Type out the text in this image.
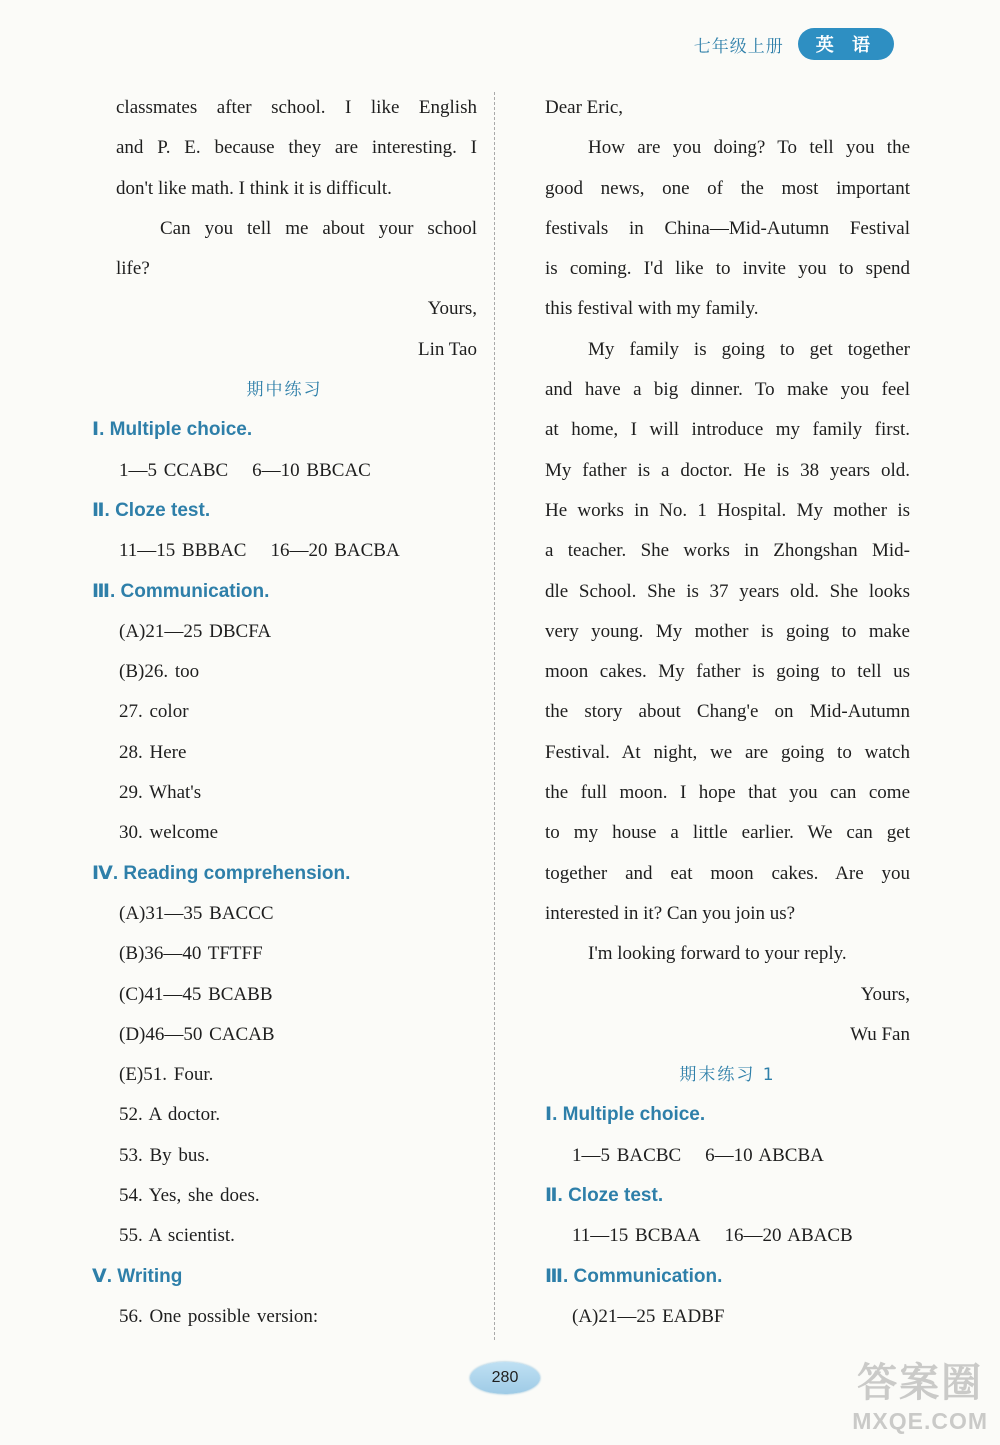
七年级上册	英 语
classmates after school. I like English
and P. E. because they are interesting. I
don't like math. I think it is difficult.
Can you tell me about your school
life?
Yours,
Lin Tao
期中练习
Ⅰ. Multiple choice.
1—5 CCABC 6—10 BBCAC
Ⅱ. Cloze test.
11—15 BBBAC 16—20 BACBA
Ⅲ. Communication.
(A)21—25 DBCFA
(B)26. too
27. color
28. Here
29. What's
30. welcome
Ⅳ. Reading comprehension.
(A)31—35 BACCC
(B)36—40 TFTFF
(C)41—45 BCABB
(D)46—50 CACAB
(E)51. Four.
52. A doctor.
53. By bus.
54. Yes, she does.
55. A scientist.
Ⅴ. Writing
56. One possible version:
Dear Eric,
How are you doing? To tell you the
good news, one of the most important
festivals in China—Mid-Autumn Festival
is coming. I'd like to invite you to spend
this festival with my family.
My family is going to get together
and have a big dinner. To make you feel
at home, I will introduce my family first.
My father is a doctor. He is 38 years old.
He works in No. 1 Hospital. My mother is
a teacher. She works in Zhongshan Mid-
dle School. She is 37 years old. She looks
very young. My mother is going to make
moon cakes. My father is going to tell us
the story about Chang'e on Mid-Autumn
Festival. At night, we are going to watch
the full moon. I hope that you can come
to my house a little earlier. We can get
together and eat moon cakes. Are you
interested in it? Can you join us?
I'm looking forward to your reply.
Yours,
Wu Fan
期末练习 1
Ⅰ. Multiple choice.
1—5 BACBC 6—10 ABCBA
Ⅱ. Cloze test.
11—15 BCBAA 16—20 ABACB
Ⅲ. Communication.
(A)21—25 EADBF
280	答案圈
MXQE.COM
